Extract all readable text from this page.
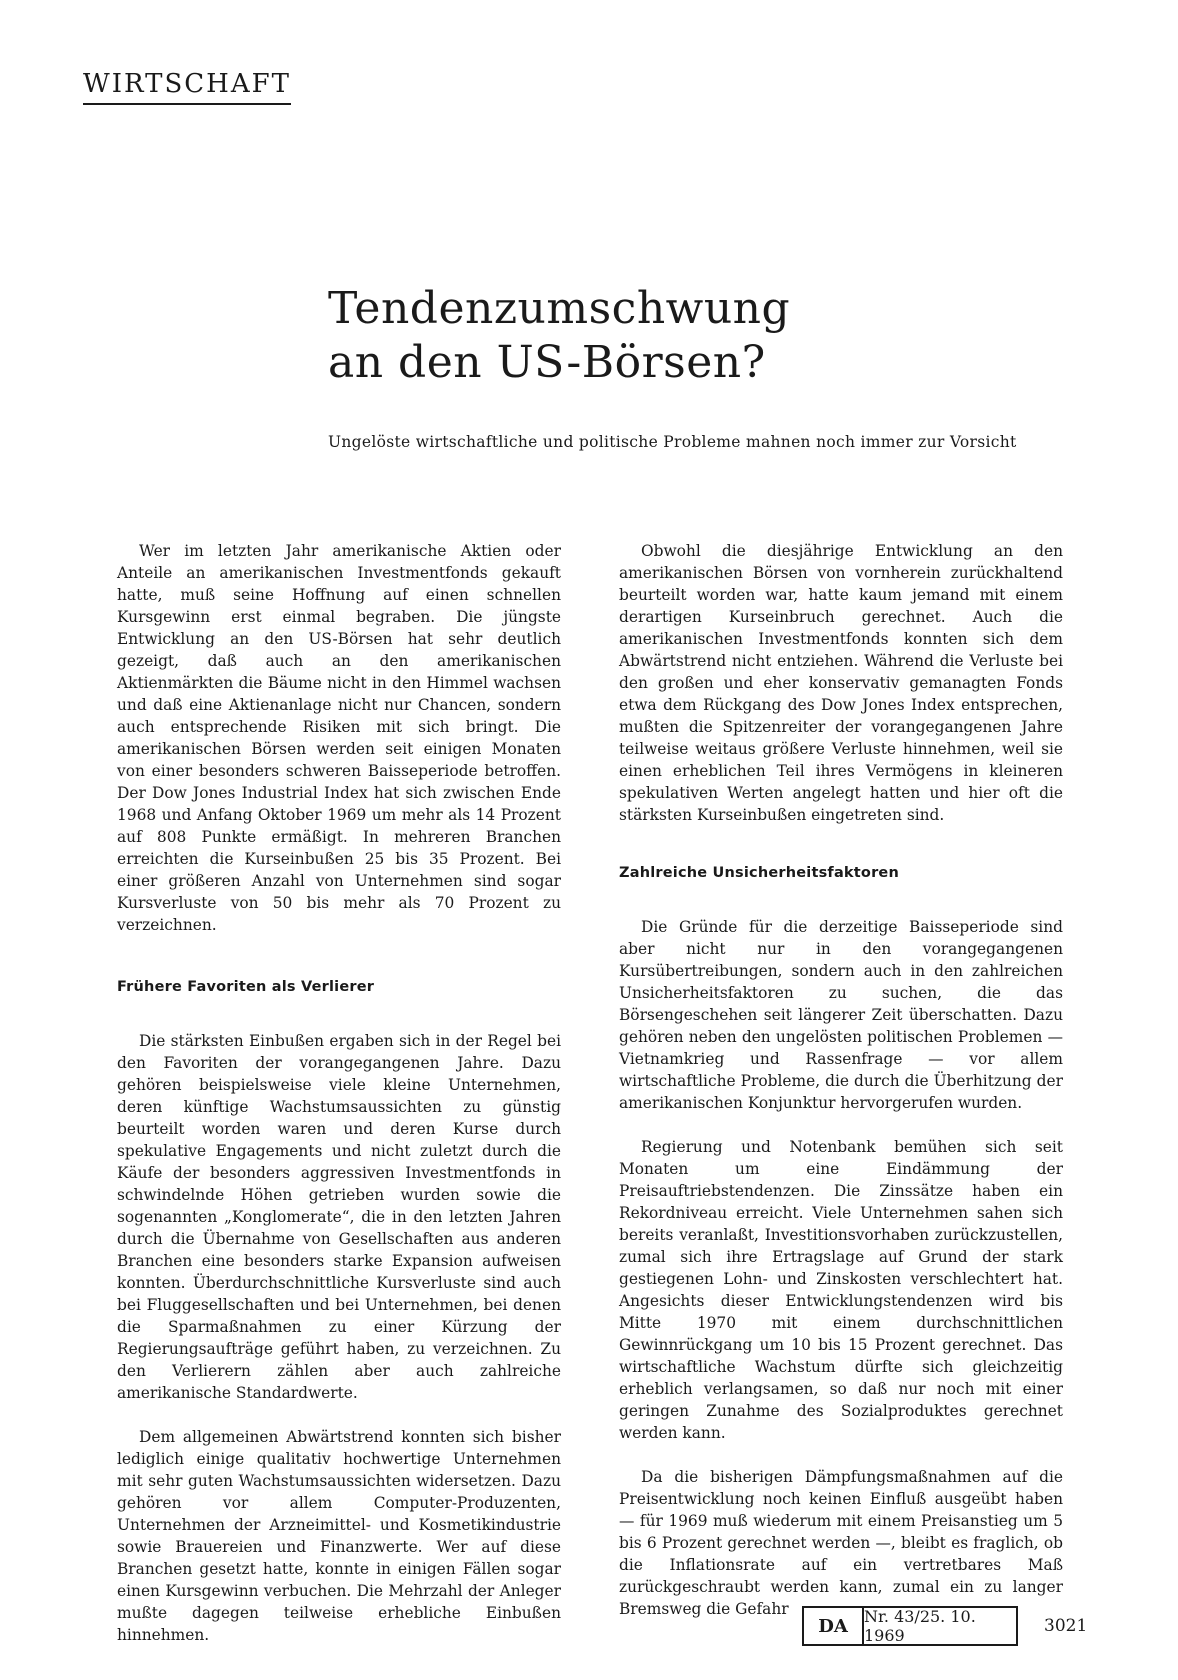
WIRTSCHAFT
Tendenzumschwung
an den US-Börsen?

Ungelöste wirtschaftliche und politische Probleme mahnen noch immer zur Vorsicht

Wer im letzten Jahr amerikanische Aktien oder Anteile an amerikanischen Investmentfonds gekauft hatte, muß seine Hoffnung auf einen schnellen Kursgewinn erst einmal begraben. Die jüngste Entwicklung an den US-Börsen hat sehr deutlich gezeigt, daß auch an den amerikanischen Aktienmärkten die Bäume nicht in den Himmel wachsen und daß eine Aktienanlage nicht nur Chancen, sondern auch entsprechende Risiken mit sich bringt. Die amerikanischen Börsen werden seit einigen Monaten von einer besonders schweren Baisseperiode betroffen. Der Dow Jones Industrial Index hat sich zwischen Ende 1968 und Anfang Oktober 1969 um mehr als 14 Prozent auf 808 Punkte ermäßigt. In mehreren Branchen erreichten die Kurseinbußen 25 bis 35 Prozent. Bei einer größeren Anzahl von Unternehmen sind sogar Kursverluste von 50 bis mehr als 70 Prozent zu verzeichnen.

Frühere Favoriten als Verlierer

Die stärksten Einbußen ergaben sich in der Regel bei den Favoriten der vorangegangenen Jahre. Dazu gehören beispielsweise viele kleine Unternehmen, deren künftige Wachstumsaussichten zu günstig beurteilt worden waren und deren Kurse durch spekulative Engagements und nicht zuletzt durch die Käufe der besonders aggressiven Investmentfonds in schwindelnde Höhen getrieben wurden sowie die sogenannten „Konglomerate“, die in den letzten Jahren durch die Übernahme von Gesellschaften aus anderen Branchen eine besonders starke Expansion aufweisen konnten. Überdurchschnittliche Kursverluste sind auch bei Fluggesellschaften und bei Unternehmen, bei denen die Sparmaßnahmen zu einer Kürzung der Regierungsaufträge geführt haben, zu verzeichnen. Zu den Verlierern zählen aber auch zahlreiche amerikanische Standardwerte.

Dem allgemeinen Abwärtstrend konnten sich bisher lediglich einige qualitativ hochwertige Unternehmen mit sehr guten Wachstumsaussichten widersetzen. Dazu gehören vor allem Computer-Produzenten, Unternehmen der Arzneimittel- und Kosmetikindustrie sowie Brauereien und Finanzwerte. Wer auf diese Branchen gesetzt hatte, konnte in einigen Fällen sogar einen Kursgewinn verbuchen. Die Mehrzahl der Anleger mußte dagegen teilweise erhebliche Einbußen hinnehmen.

Obwohl die diesjährige Entwicklung an den amerikanischen Börsen von vornherein zurückhaltend beurteilt worden war, hatte kaum jemand mit einem derartigen Kurseinbruch gerechnet. Auch die amerikanischen Investmentfonds konnten sich dem Abwärtstrend nicht entziehen. Während die Verluste bei den großen und eher konservativ gemanagten Fonds etwa dem Rückgang des Dow Jones Index entsprechen, mußten die Spitzenreiter der vorangegangenen Jahre teilweise weitaus größere Verluste hinnehmen, weil sie einen erheblichen Teil ihres Vermögens in kleineren spekulativen Werten angelegt hatten und hier oft die stärksten Kurseinbußen eingetreten sind.

Zahlreiche Unsicherheitsfaktoren

Die Gründe für die derzeitige Baisseperiode sind aber nicht nur in den vorangegangenen Kursübertreibungen, sondern auch in den zahlreichen Unsicherheitsfaktoren zu suchen, die das Börsengeschehen seit längerer Zeit überschatten. Dazu gehören neben den ungelösten politischen Problemen — Vietnamkrieg und Rassenfrage — vor allem wirtschaftliche Probleme, die durch die Überhitzung der amerikanischen Konjunktur hervorgerufen wurden.

Regierung und Notenbank bemühen sich seit Monaten um eine Eindämmung der Preisauftriebstendenzen. Die Zinssätze haben ein Rekordniveau erreicht. Viele Unternehmen sahen sich bereits veranlaßt, Investitionsvorhaben zurückzustellen, zumal sich ihre Ertragslage auf Grund der stark gestiegenen Lohn- und Zinskosten verschlechtert hat. Angesichts dieser Entwicklungstendenzen wird bis Mitte 1970 mit einem durchschnittlichen Gewinnrückgang um 10 bis 15 Prozent gerechnet. Das wirtschaftliche Wachstum dürfte sich gleichzeitig erheblich verlangsamen, so daß nur noch mit einer geringen Zunahme des Sozialproduktes gerechnet werden kann.

Da die bisherigen Dämpfungsmaßnahmen auf die Preisentwicklung noch keinen Einfluß ausgeübt haben — für 1969 muß wiederum mit einem Preisanstieg um 5 bis 6 Prozent gerechnet werden —, bleibt es fraglich, ob die Inflationsrate auf ein vertretbares Maß zurückgeschraubt werden kann, zumal ein zu langer Bremsweg die Gefahr

DA	Nr. 43/25. 10. 1969	3021
